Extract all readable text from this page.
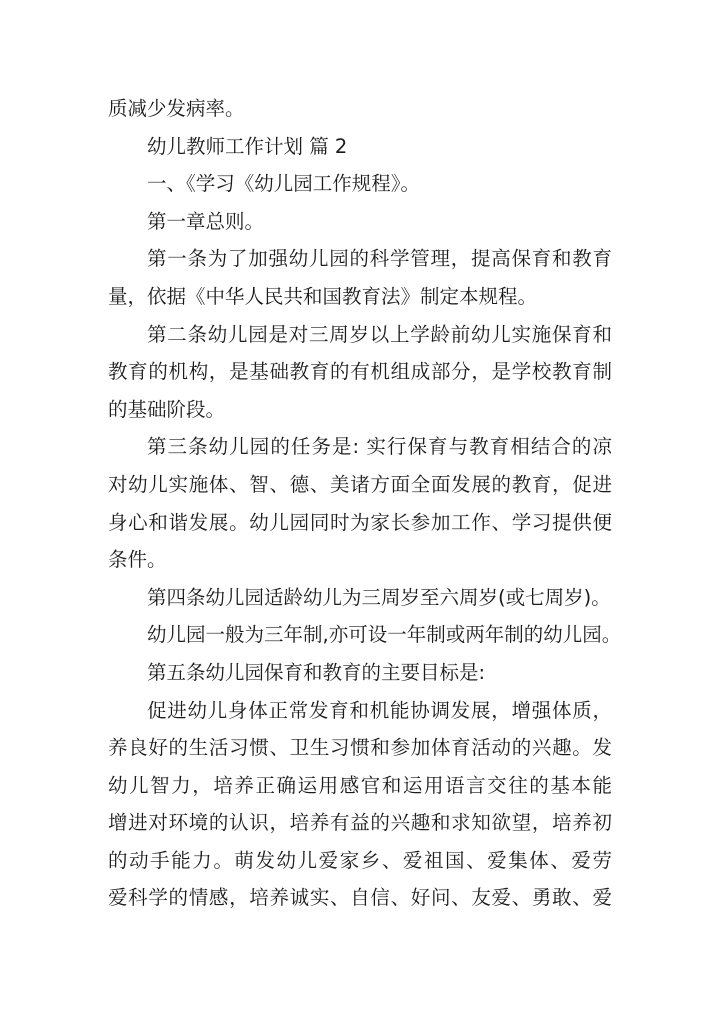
质减少发病率。
幼儿教师工作计划 篇 2
一、《学习《幼儿园工作规程》。
第一章总则。
第一条为了加强幼儿园的科学管理，提高保育和教育
量，依据《中华人民共和国教育法》制定本规程。
第二条幼儿园是对三周岁以上学龄前幼儿实施保育和
教育的机构，是基础教育的有机组成部分，是学校教育制
的基础阶段。
第三条幼儿园的任务是: 实行保育与教育相结合的凉
对幼儿实施体、智、德、美诸方面全面发展的教育，促进
身心和谐发展。幼儿园同时为家长参加工作、学习提供便
条件。
第四条幼儿园适龄幼儿为三周岁至六周岁(或七周岁)。
幼儿园一般为三年制,亦可设一年制或两年制的幼儿园。
第五条幼儿园保育和教育的主要目标是:
促进幼儿身体正常发育和机能协调发展，增强体质，
养良好的生活习惯、卫生习惯和参加体育活动的兴趣。发
幼儿智力，培养正确运用感官和运用语言交往的基本能
增进对环境的认识，培养有益的兴趣和求知欲望，培养初
的动手能力。萌发幼儿爱家乡、爱祖国、爱集体、爱劳
爱科学的情感，培养诚实、自信、好问、友爱、勇敢、爱
